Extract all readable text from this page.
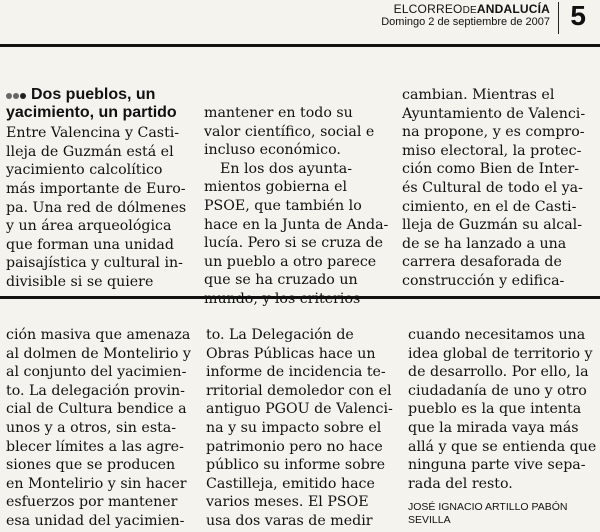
ELCORREODEANDALUCÍA
Domingo 2 de septiembre de 2007 5
Dos pueblos, un yacimiento, un partido

Entre Valencina y Casti-
lleja de Guzmán está el
yacimiento calcolítico
más importante de Euro-
pa. Una red de dólmenes
y un área arqueológica
que forman una unidad
paisajística y cultural in-
divisible si se quiere

mantener en todo su
valor científico, social e
incluso económico.

En los dos ayunta-
mientos gobierna el
PSOE, que también lo
hace en la Junta de Anda-
lucía. Pero si se cruza de
un pueblo a otro parece
que se ha cruzado un

cambian. Mientras el
Ayuntamiento de Valenci-
na propone, y es compro-
miso electoral, la protec-
ción como Bien de Inter-
és Cultural de todo el ya-
cimiento, en el de Casti-
lleja de Guzmán su alcal-
de se ha lanzado a una
carrera desaforada de
construcción y edifica-

ción masiva que amenaza
al dolmen de Montelirio y
al conjunto del yacimien-
to. La delegación provin-
cial de Cultura bendice a
unos y a otros, sin esta-
blecer límites a las agre-
siones que se producen
en Montelirio y sin hacer
esfuerzos por mantener
esa unidad del yacimien-

to. La Delegación de
Obras Públicas hace un
informe de incidencia te-
rritorial demoledor con el
antiguo PGOU de Valenci-
na y su impacto sobre el
patrimonio pero no hace
público su informe sobre
Castilleja, emitido hace
varios meses. El PSOE
usa dos varas de medir

cuando necesitamos una
idea global de territorio y
de desarrollo. Por ello, la
ciudadanía de uno y otro
pueblo es la que intenta
que la mirada vaya más
allá y que se entienda que
ninguna parte vive sepa-
rada del resto.

JOSÉ IGNACIO ARTILLO PABÓN
SEVILLA
